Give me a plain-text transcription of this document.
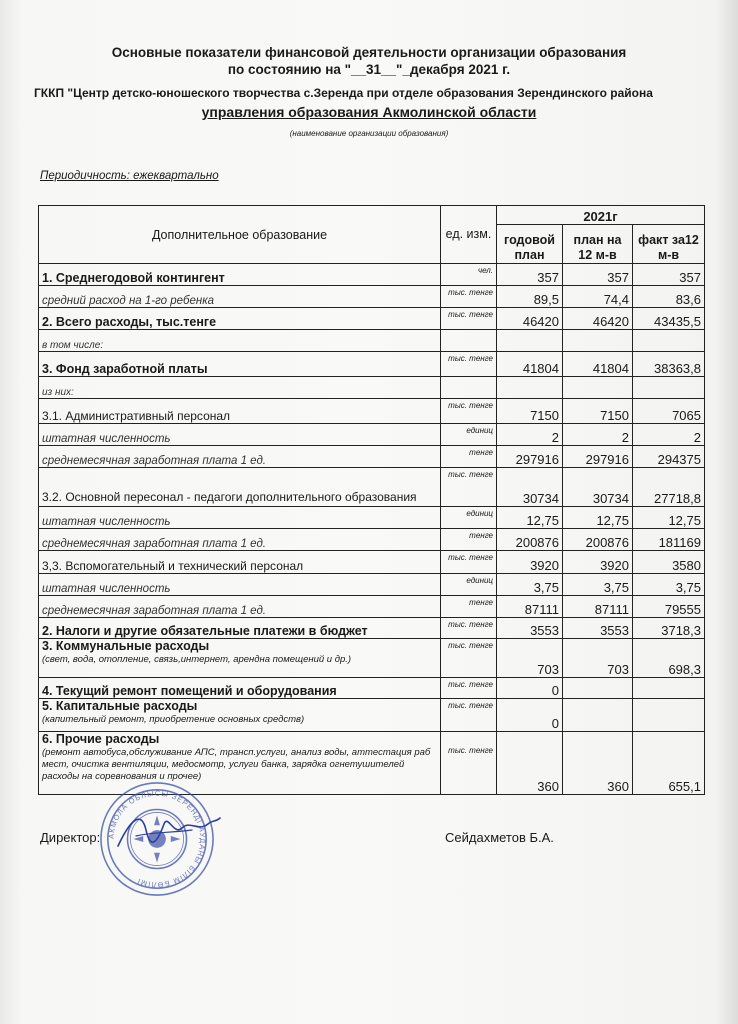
Основные показатели финансовой деятельности организации образования
по состоянию на "__31__"_декабря 2021 г.
ГККП "Центр детско-юношеского творчества с.Зеренда при отделе образования Зерендинского района
управления образования Акмолинской области
(наименование организации образования)
Периодичность: ежеквартально
Дополнительное образование	ед. изм.	2021г		
		годовой план	план на 12 м-в	факт за12 м-в
1. Среднегодовой контингент	чел.	357	357	357
средний расход на 1-го ребенка	тыс. тенге	89,5	74,4	83,6
2. Всего расходы, тыс.тенге	тыс. тенге	46420	46420	43435,5
в том числе:				
3. Фонд заработной платы	тыс. тенге	41804	41804	38363,8
из них:				
3.1. Административный персонал	тыс. тенге	7150	7150	7065
штатная численность	единиц	2	2	2
среднемесячная заработная плата 1 ед.	тенге	297916	297916	294375
3.2. Основной пересонал - педагоги дополнительного образования	тыс. тенге	30734	30734	27718,8
штатная численность	единиц	12,75	12,75	12,75
среднемесячная заработная плата 1 ед.	тенге	200876	200876	181169
3,3. Вспомогательный и технический персонал	тыс. тенге	3920	3920	3580
штатная численность	единиц	3,75	3,75	3,75
среднемесячная заработная плата 1 ед.	тенге	87111	87111	79555
2. Налоги и другие обязательные платежи в бюджет	тыс. тенге	3553	3553	3718,3
3. Коммунальные расходы
(свет, вода, отопление, связь,интернет, арендна помещений и др.)	тыс. тенге	703	703	698,3
4. Текущий ремонт помещений и оборудования	тыс. тенге	0		
5. Капитальные расходы
(капительный ремонт, приобретение основных средств)	тыс. тенге	0		
6. Прочие расходы
(ремонт автобуса,обслуживание АПС, трансп.услуги, анализ воды, аттестация раб мест, очистка вентиляции, медосмотр, услуги банка, зарядка огнетушителей расходы на соревнования и прочее)	тыс. тенге	360	360	655,1
АКМОЛА ОБЛЫСЫ ЗЕРЕНДІ АУДАНЫ БІЛІМ БӨЛІМІ
Директор:	Сейдахметов Б.А.
